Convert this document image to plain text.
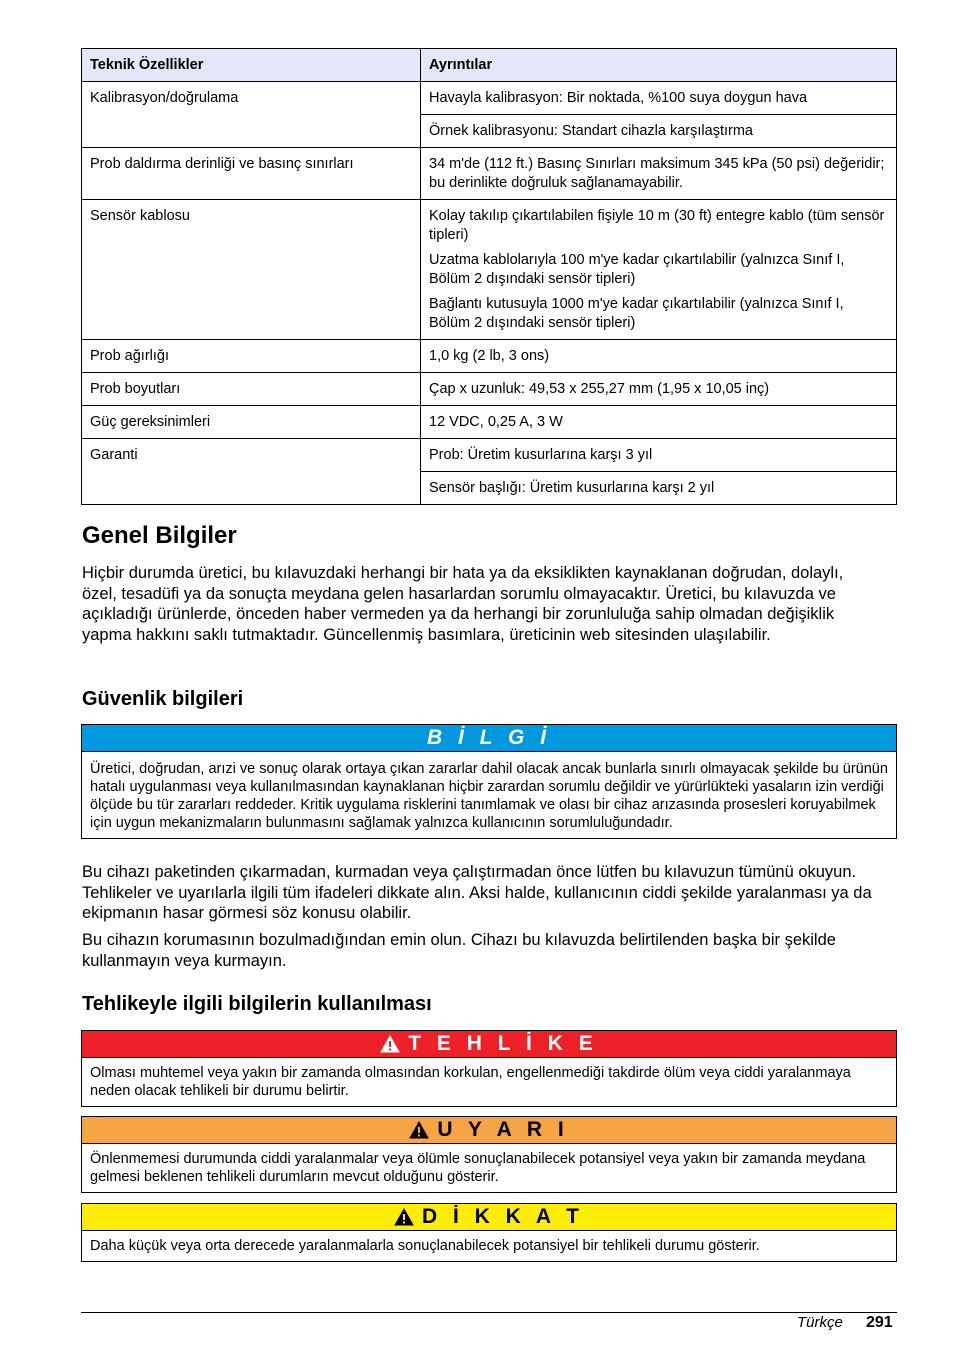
Teknik Özellikler	Ayrıntılar
Kalibrasyon/doğrulama	Havayla kalibrasyon: Bir noktada, %100 suya doygun hava
	Örnek kalibrasyonu: Standart cihazla karşılaştırma
Prob daldırma derinliği ve basınç sınırları	34 m'de (112 ft.) Basınç Sınırları maksimum 345 kPa (50 psi) değeridir; bu derinlikte doğruluk sağlanamayabilir.
Sensör kablosu	Kolay takılıp çıkartılabilen fişiyle 10 m (30 ft) entegre kablo (tüm sensör tipleri)
Uzatma kablolarıyla 100 m'ye kadar çıkartılabilir (yalnızca Sınıf I, Bölüm 2 dışındaki sensör tipleri)
Bağlantı kutusuyla 1000 m'ye kadar çıkartılabilir (yalnızca Sınıf I, Bölüm 2 dışındaki sensör tipleri)

Prob ağırlığı	1,0 kg (2 lb, 3 ons)
Prob boyutları	Çap x uzunluk: 49,53 x 255,27 mm (1,95 x 10,05 inç)
Güç gereksinimleri	12 VDC, 0,25 A, 3 W
Garanti	Prob: Üretim kusurlarına karşı 3 yıl
	Sensör başlığı: Üretim kusurlarına karşı 2 yıl
Genel Bilgiler

Hiçbir durumda üretici, bu kılavuzdaki herhangi bir hata ya da eksiklikten kaynaklanan doğrudan, dolaylı, özel, tesadüfi ya da sonuçta meydana gelen hasarlardan sorumlu olmayacaktır. Üretici, bu kılavuzda ve açıkladığı ürünlerde, önceden haber vermeden ya da herhangi bir zorunluluğa sahip olmadan değişiklik yapma hakkını saklı tutmaktadır. Güncellenmiş basımlara, üreticinin web sitesinden ulaşılabilir.

Güvenlik bilgileri
B İ L G İ
Üretici, doğrudan, arızi ve sonuç olarak ortaya çıkan zararlar dahil olacak ancak bunlarla sınırlı olmayacak şekilde bu ürünün hatalı uygulanması veya kullanılmasından kaynaklanan hiçbir zarardan sorumlu değildir ve yürürlükteki yasaların izin verdiği ölçüde bu tür zararları reddeder. Kritik uygulama risklerini tanımlamak ve olası bir cihaz arızasında prosesleri koruyabilmek için uygun mekanizmaların bulunmasını sağlamak yalnızca kullanıcının sorumluluğundadır.

Bu cihazı paketinden çıkarmadan, kurmadan veya çalıştırmadan önce lütfen bu kılavuzun tümünü okuyun. Tehlikeler ve uyarılarla ilgili tüm ifadeleri dikkate alın. Aksi halde, kullanıcının ciddi şekilde yaralanması ya da ekipmanın hasar görmesi söz konusu olabilir.

Bu cihazın korumasının bozulmadığından emin olun. Cihazı bu kılavuzda belirtilenden başka bir şekilde kullanmayın veya kurmayın.

Tehlikeyle ilgili bilgilerin kullanılması
T E H L İ K E
Olması muhtemel veya yakın bir zamanda olmasından korkulan, engellenmediği takdirde ölüm veya ciddi yaralanmaya neden olacak tehlikeli bir durumu belirtir.
U Y A R I
Önlenmemesi durumunda ciddi yaralanmalar veya ölümle sonuçlanabilecek potansiyel veya yakın bir zamanda meydana gelmesi beklenen tehlikeli durumların mevcut olduğunu gösterir.
D İ K K A T
Daha küçük veya orta derecede yaralanmalarla sonuçlanabilecek potansiyel bir tehlikeli durumu gösterir.
Türkçe 291
